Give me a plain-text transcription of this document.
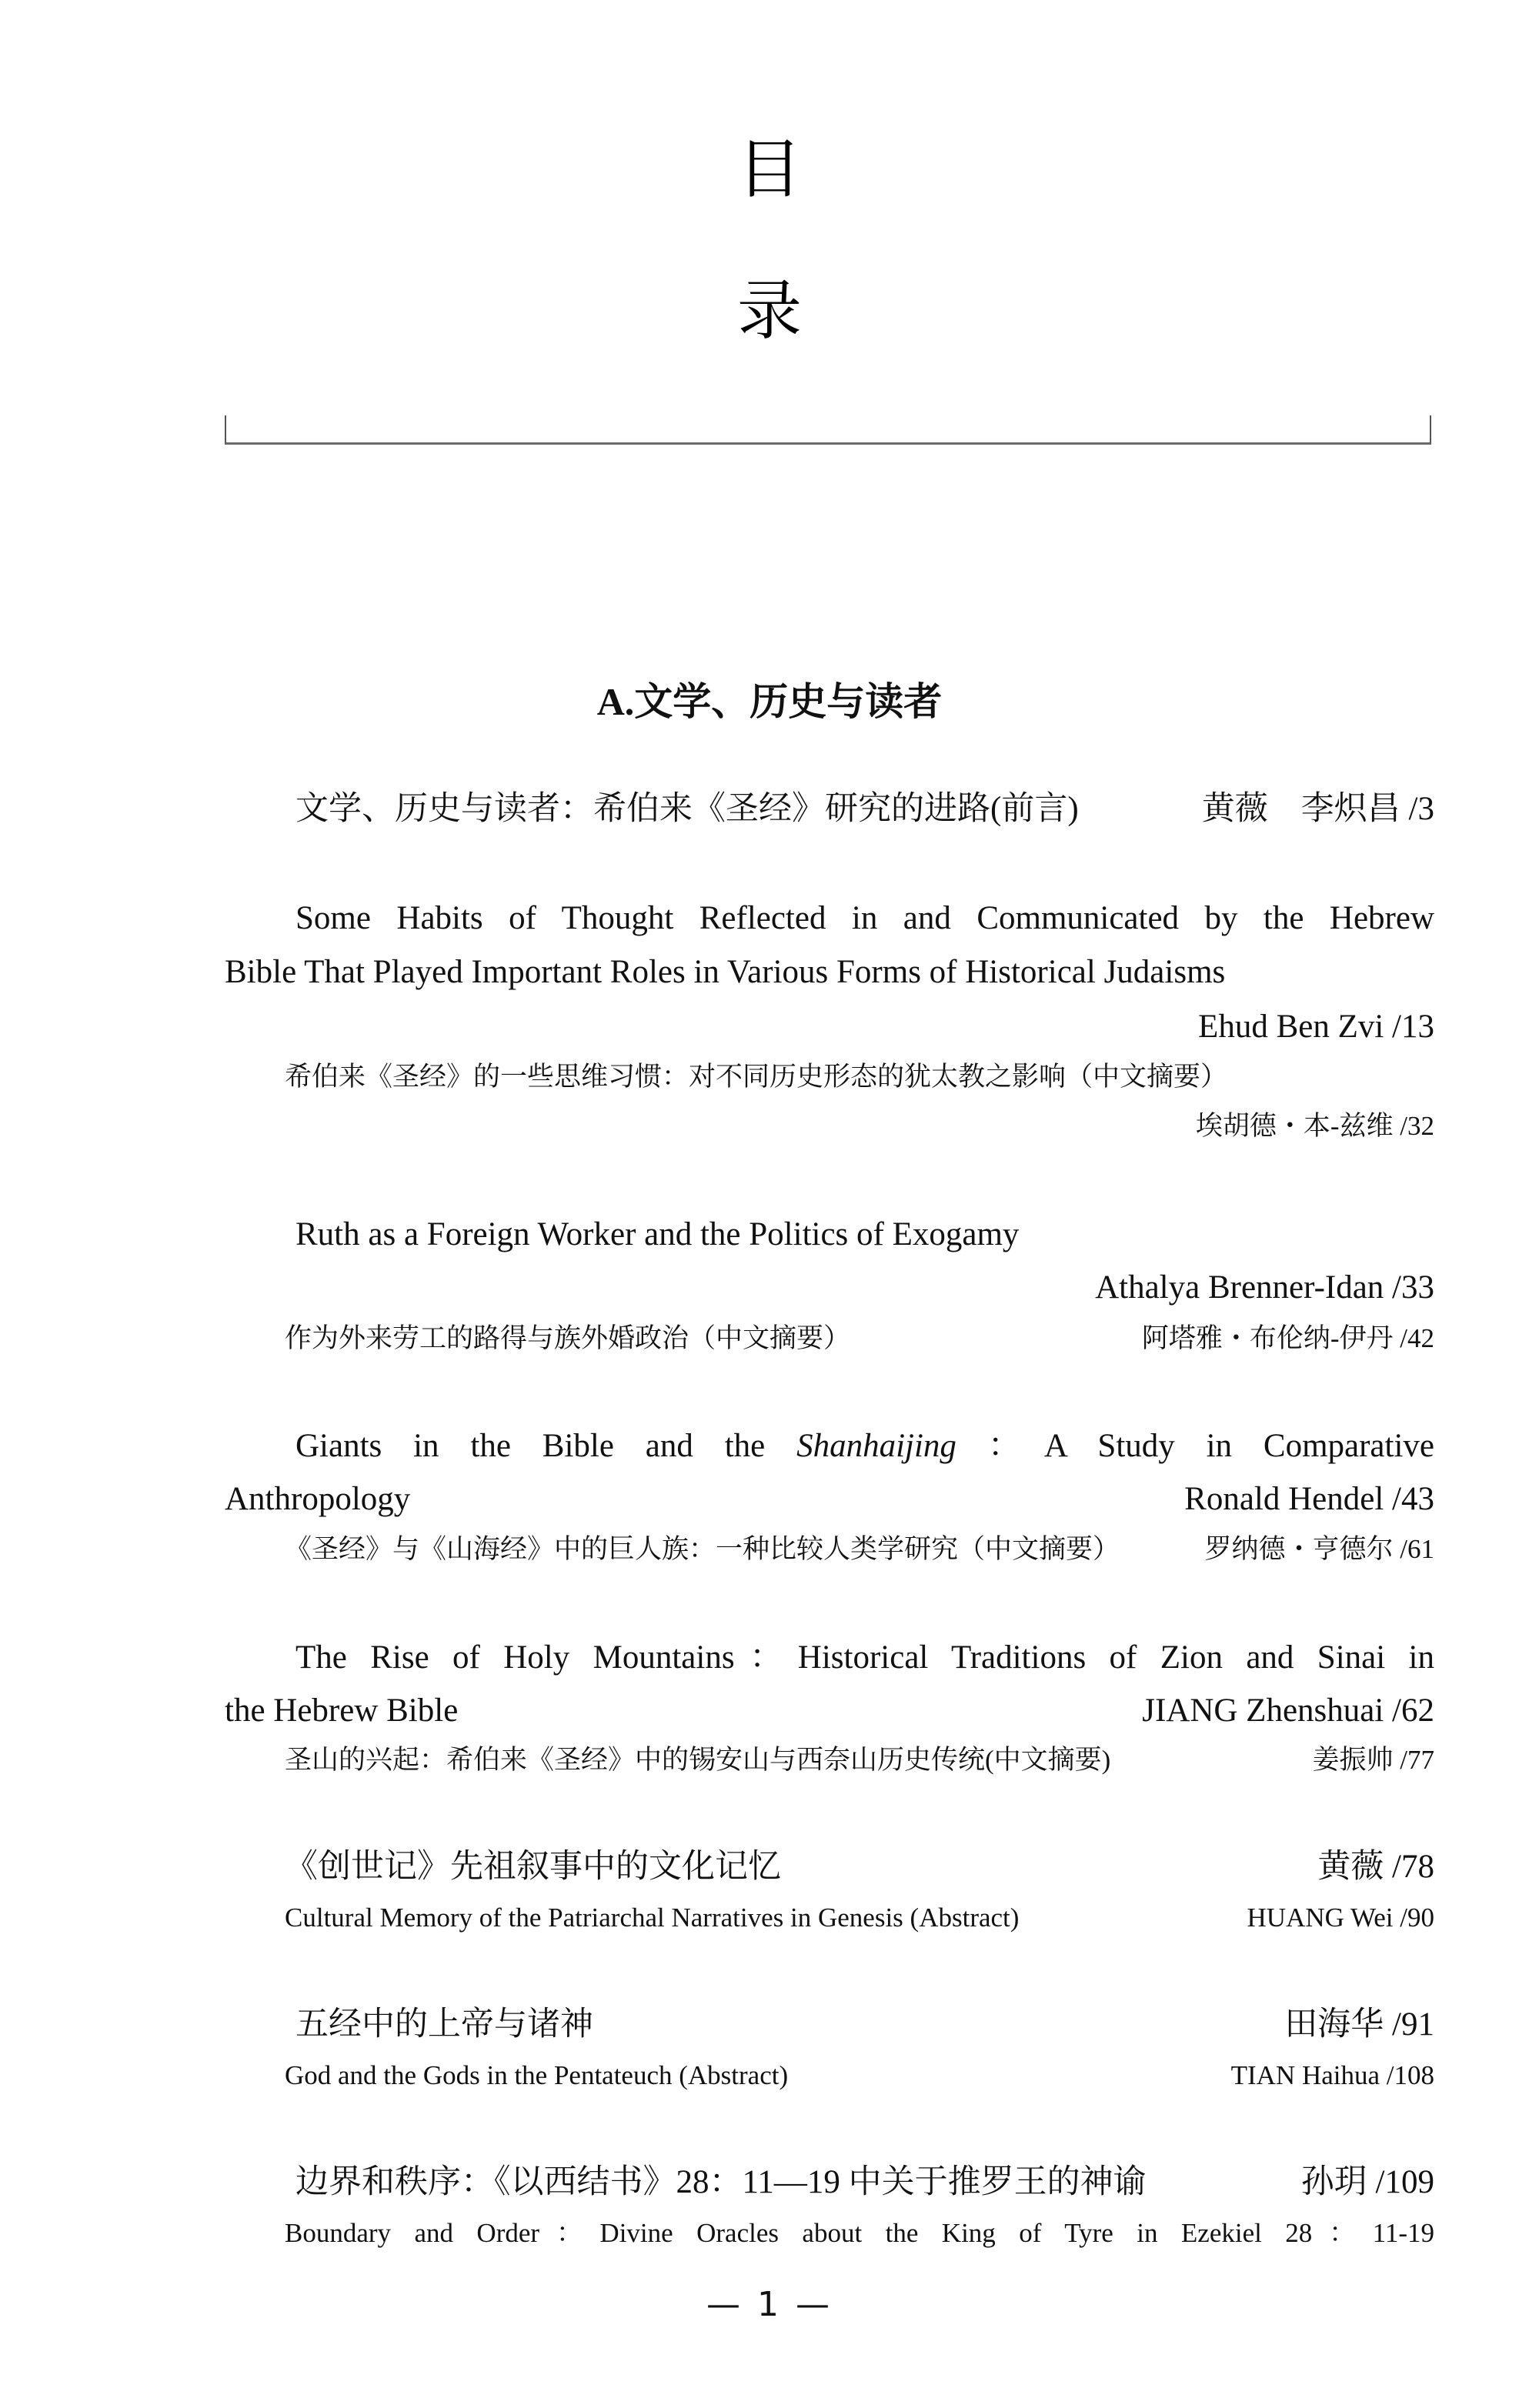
目
录
A.文学、历史与读者
文学、历史与读者：希伯来《圣经》研究的进路(前言)	黄薇　李炽昌 /3
Some Habits of Thought Reflected in and Communicated by the Hebrew
Bible That Played Important Roles in Various Forms of Historical Judaisms
Ehud Ben Zvi /13
希伯来《圣经》的一些思维习惯：对不同历史形态的犹太教之影响（中文摘要）
埃胡德・本-兹维 /32
Ruth as a Foreign Worker and the Politics of Exogamy
Athalya Brenner-Idan /33
作为外来劳工的路得与族外婚政治（中文摘要）	阿塔雅・布伦纳-伊丹 /42
Giants in the Bible and the Shanhaijing ：A Study in Comparative
Anthropology	Ronald Hendel /43
《圣经》与《山海经》中的巨人族：一种比较人类学研究（中文摘要）	罗纳德・亨德尔 /61
The Rise of Holy Mountains：Historical Traditions of Zion and Sinai in
the Hebrew Bible	JIANG Zhenshuai /62
圣山的兴起：希伯来《圣经》中的锡安山与西奈山历史传统(中文摘要)	姜振帅 /77
《创世记》先祖叙事中的文化记忆	黄薇 /78
Cultural Memory of the Patriarchal Narratives in Genesis (Abstract)	HUANG Wei /90
五经中的上帝与诸神	田海华 /91
God and the Gods in the Pentateuch (Abstract)	TIAN Haihua /108
边界和秩序：《以西结书》28：11—19 中关于推罗王的神谕	孙玥 /109
Boundary and Order：Divine Oracles about the King of Tyre in Ezekiel 28：11-19
— 1 —
